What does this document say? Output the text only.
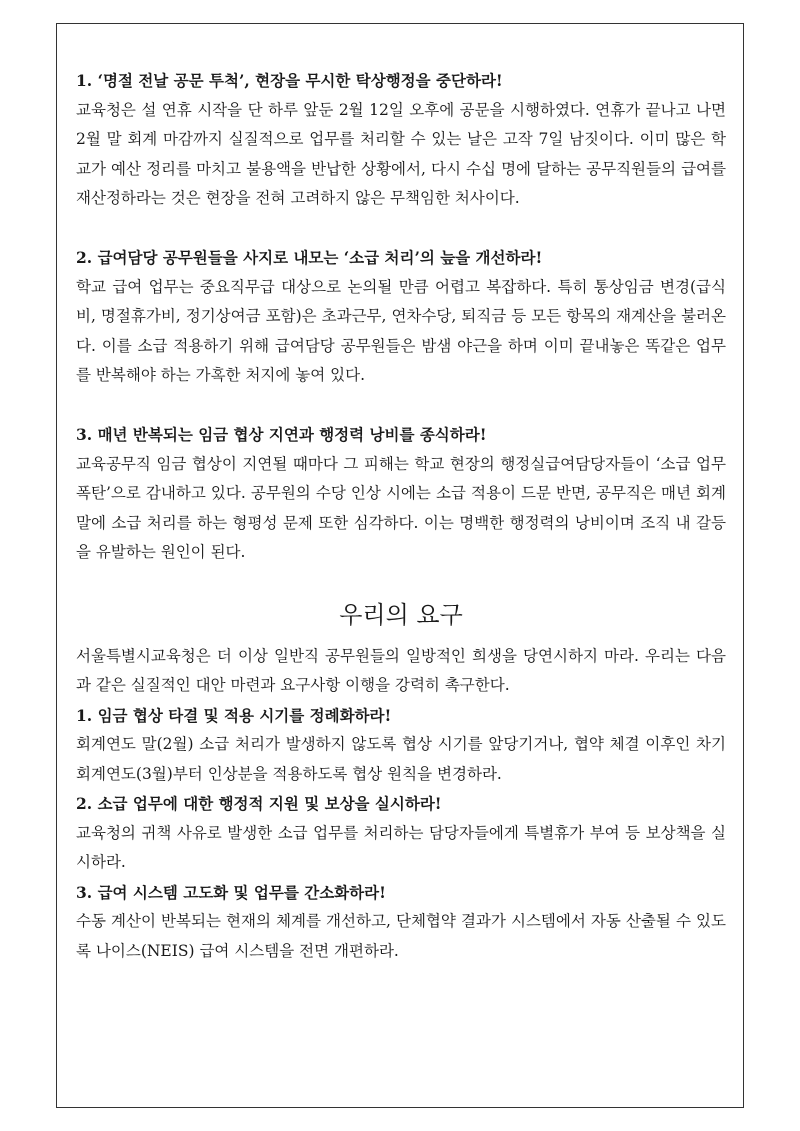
1. ‘명절 전날 공문 투척’, 현장을 무시한 탁상행정을 중단하라!

교육청은 설 연휴 시작을 단 하루 앞둔 2월 12일 오후에 공문을 시행하였다. 연휴가 끝나고 나면 2월 말 회계 마감까지 실질적으로 업무를 처리할 수 있는 날은 고작 7일 남짓이다. 이미 많은 학교가 예산 정리를 마치고 불용액을 반납한 상황에서, 다시 수십 명에 달하는 공무직원들의 급여를 재산정하라는 것은 현장을 전혀 고려하지 않은 무책임한 처사이다.

2. 급여담당 공무원들을 사지로 내모는 ‘소급 처리’의 늪을 개선하라!

학교 급여 업무는 중요직무급 대상으로 논의될 만큼 어렵고 복잡하다. 특히 통상임금 변경(급식비, 명절휴가비, 정기상여금 포함)은 초과근무, 연차수당, 퇴직금 등 모든 항목의 재계산을 불러온다. 이를 소급 적용하기 위해 급여담당 공무원들은 밤샘 야근을 하며 이미 끝내놓은 똑같은 업무를 반복해야 하는 가혹한 처지에 놓여 있다.

3. 매년 반복되는 임금 협상 지연과 행정력 낭비를 종식하라!

교육공무직 임금 협상이 지연될 때마다 그 피해는 학교 현장의 행정실급여담당자들이 ‘소급 업무 폭탄’으로 감내하고 있다. 공무원의 수당 인상 시에는 소급 적용이 드문 반면, 공무직은 매년 회계말에 소급 처리를 하는 형평성 문제 또한 심각하다. 이는 명백한 행정력의 낭비이며 조직 내 갈등을 유발하는 원인이 된다.

우리의 요구

서울특별시교육청은 더 이상 일반직 공무원들의 일방적인 희생을 당연시하지 마라. 우리는 다음과 같은 실질적인 대안 마련과 요구사항 이행을 강력히 촉구한다.

1. 임금 협상 타결 및 적용 시기를 정례화하라!

회계연도 말(2월) 소급 처리가 발생하지 않도록 협상 시기를 앞당기거나, 협약 체결 이후인 차기 회계연도(3월)부터 인상분을 적용하도록 협상 원칙을 변경하라.

2. 소급 업무에 대한 행정적 지원 및 보상을 실시하라!

교육청의 귀책 사유로 발생한 소급 업무를 처리하는 담당자들에게 특별휴가 부여 등 보상책을 실시하라.

3. 급여 시스템 고도화 및 업무를 간소화하라!

수동 계산이 반복되는 현재의 체계를 개선하고, 단체협약 결과가 시스템에서 자동 산출될 수 있도록 나이스(NEIS) 급여 시스템을 전면 개편하라.
